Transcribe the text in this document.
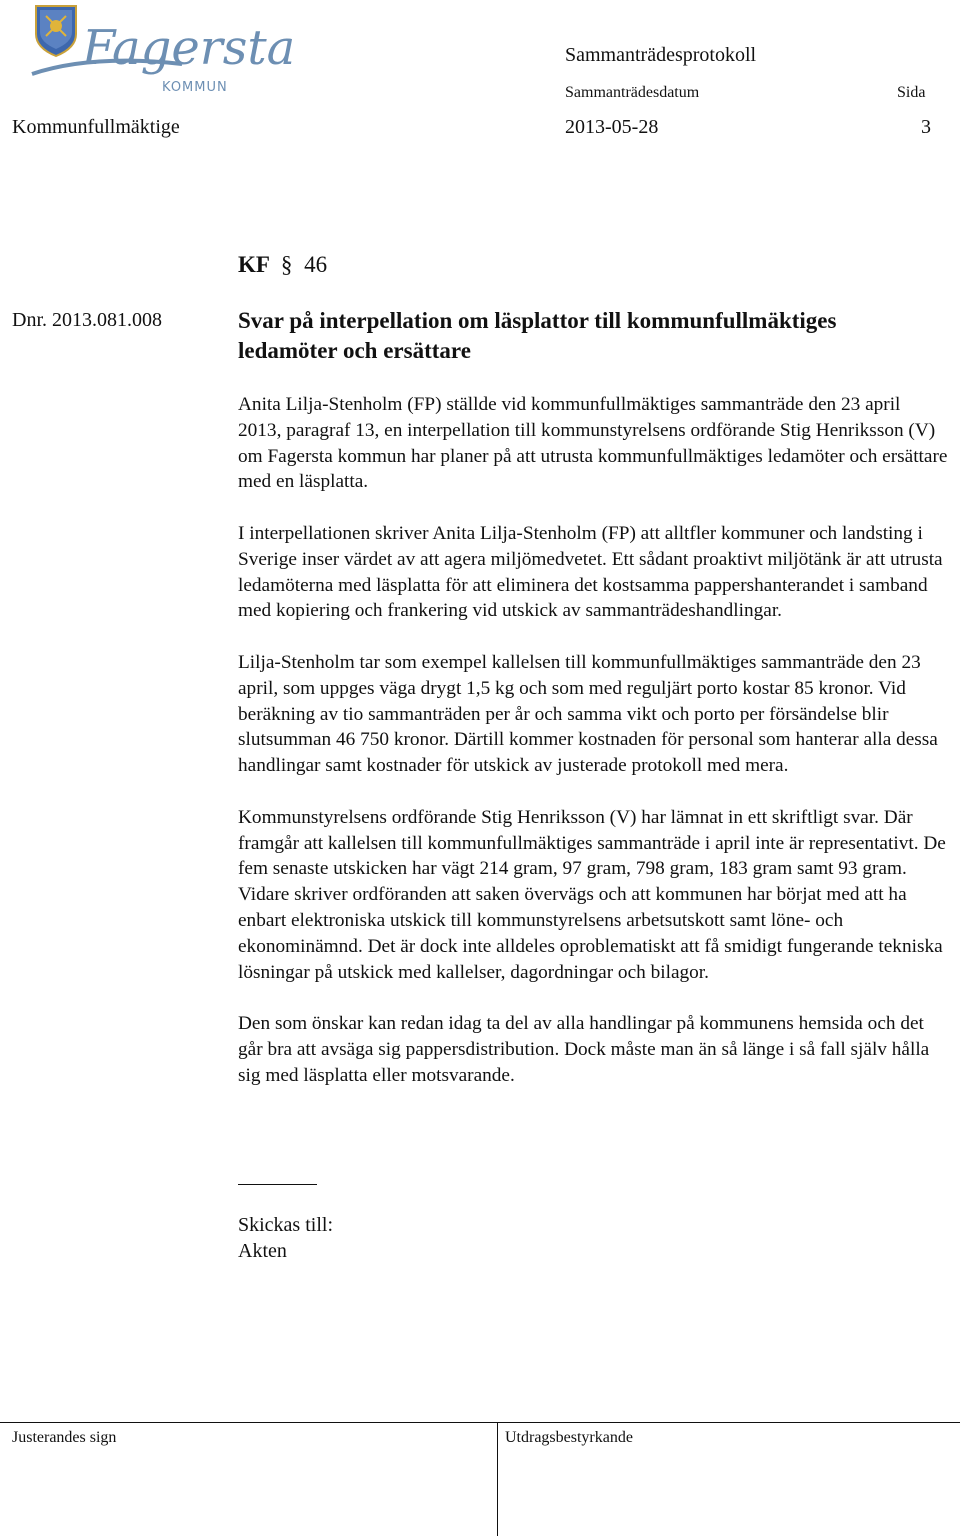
Fagersta
KOMMUN
Sammanträdesprotokoll
Sammanträdesdatum	Sida
Kommunfullmäktige	2013-05-28	3
KF § 46
Dnr. 2013.081.008	Svar på interpellation om läsplattor till kommunfullmäktiges ledamöter och ersättare

Anita Lilja-Stenholm (FP) ställde vid kommunfullmäktiges sammanträde den 23 april 2013, paragraf 13, en interpellation till kommunstyrelsens ordförande Stig Henriksson (V) om Fagersta kommun har planer på att utrusta kommunfullmäktiges ledamöter och ersättare med en läsplatta.

I interpellationen skriver Anita Lilja-Stenholm (FP) att alltfler kommuner och landsting i Sverige inser värdet av att agera miljömedvetet. Ett sådant proaktivt miljötänk är att utrusta ledamöterna med läsplatta för att eliminera det kostsamma pappershanterandet i samband med kopiering och frankering vid utskick av sammanträdeshandlingar.

Lilja-Stenholm tar som exempel kallelsen till kommunfullmäktiges sammanträde den 23 april, som uppges väga drygt 1,5 kg och som med reguljärt porto kostar 85 kronor. Vid beräkning av tio sammanträden per år och samma vikt och porto per försändelse blir slutsumman 46 750 kronor. Därtill kommer kostnaden för personal som hanterar alla dessa handlingar samt kostnader för utskick av justerade protokoll med mera.

Kommunstyrelsens ordförande Stig Henriksson (V) har lämnat in ett skriftligt svar. Där framgår att kallelsen till kommunfullmäktiges sammanträde i april inte är representativt. De fem senaste utskicken har vägt 214 gram, 97 gram, 798 gram, 183 gram samt 93 gram. Vidare skriver ordföranden att saken övervägs och att kommunen har börjat med att ha enbart elektroniska utskick till kommunstyrelsens arbetsutskott samt löne- och ekonominämnd. Det är dock inte alldeles oproblematiskt att få smidigt fungerande tekniska lösningar på utskick med kallelser, dagordningar och bilagor.

Den som önskar kan redan idag ta del av alla handlingar på kommunens hemsida och det går bra att avsäga sig pappersdistribution. Dock måste man än så länge i så fall själv hålla sig med läsplatta eller motsvarande.

Skickas till:
Akten
Justerandes sign	Utdragsbestyrkande
